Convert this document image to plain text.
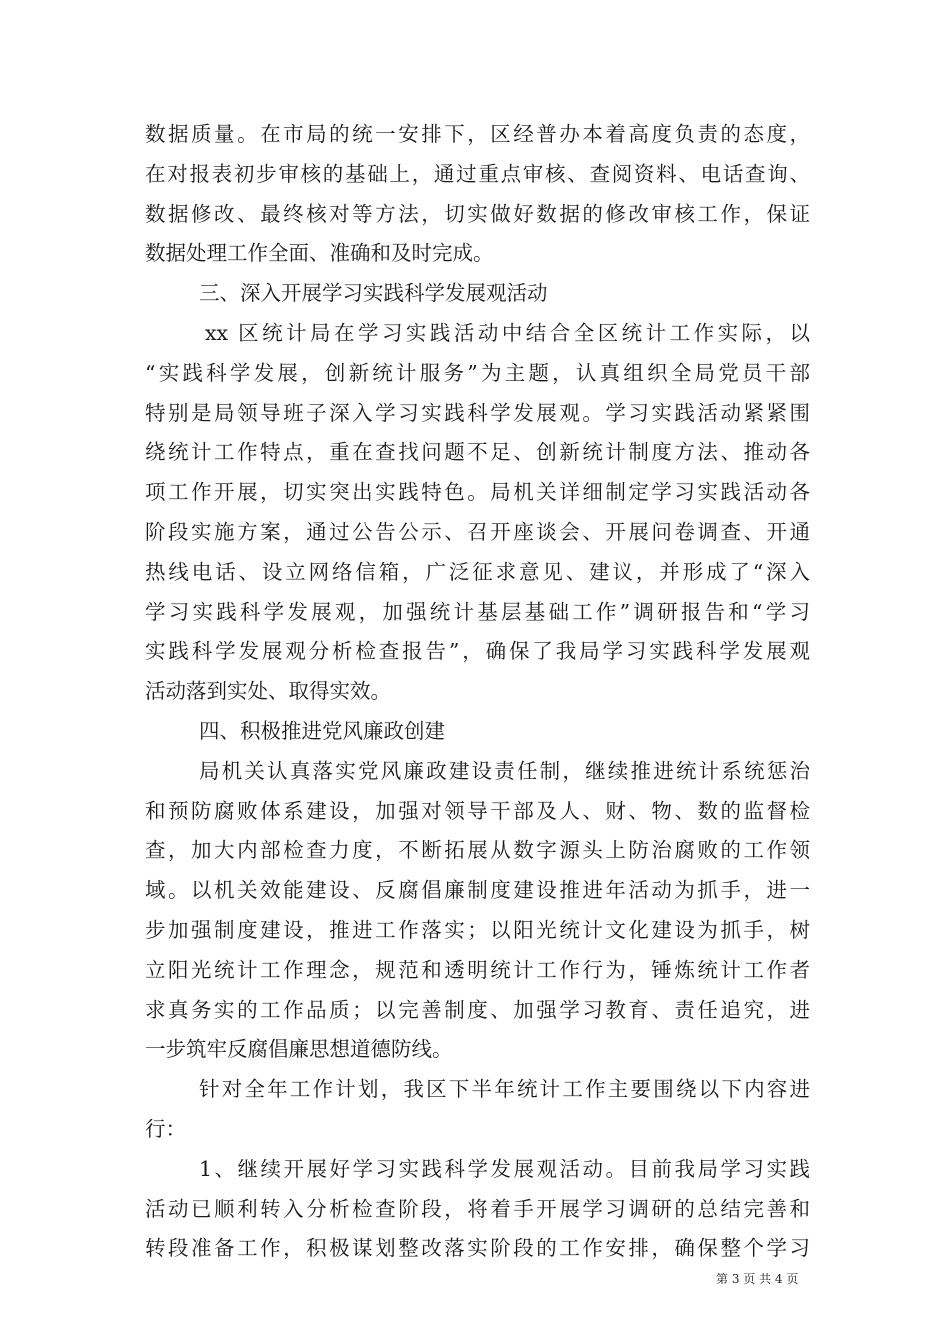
数据质量。在市局的统一安排下，区经普办本着高度负责的态度，
在对报表初步审核的基础上，通过重点审核、查阅资料、电话查询、
数据修改、最终核对等方法，切实做好数据的修改审核工作，保证
数据处理工作全面、准确和及时完成。
三、深入开展学习实践科学发展观活动
xx 区统计局在学习实践活动中结合全区统计工作实际，以
“实践科学发展，创新统计服务”为主题，认真组织全局党员干部
特别是局领导班子深入学习实践科学发展观。学习实践活动紧紧围
绕统计工作特点，重在查找问题不足、创新统计制度方法、推动各
项工作开展，切实突出实践特色。局机关详细制定学习实践活动各
阶段实施方案，通过公告公示、召开座谈会、开展问卷调查、开通
热线电话、设立网络信箱，广泛征求意见、建议，并形成了“深入
学习实践科学发展观，加强统计基层基础工作”调研报告和“学习
实践科学发展观分析检查报告”，确保了我局学习实践科学发展观
活动落到实处、取得实效。
四、积极推进党风廉政创建
局机关认真落实党风廉政建设责任制，继续推进统计系统惩治
和预防腐败体系建设，加强对领导干部及人、财、物、数的监督检
查，加大内部检查力度，不断拓展从数字源头上防治腐败的工作领
域。以机关效能建设、反腐倡廉制度建设推进年活动为抓手，进一
步加强制度建设，推进工作落实；以阳光统计文化建设为抓手，树
立阳光统计工作理念，规范和透明统计工作行为，锤炼统计工作者
求真务实的工作品质；以完善制度、加强学习教育、责任追究，进
一步筑牢反腐倡廉思想道德防线。
针对全年工作计划，我区下半年统计工作主要围绕以下内容进
行：
1、继续开展好学习实践科学发展观活动。目前我局学习实践
活动已顺利转入分析检查阶段，将着手开展学习调研的总结完善和
转段准备工作，积极谋划整改落实阶段的工作安排，确保整个学习
第 3 页 共 4 页
